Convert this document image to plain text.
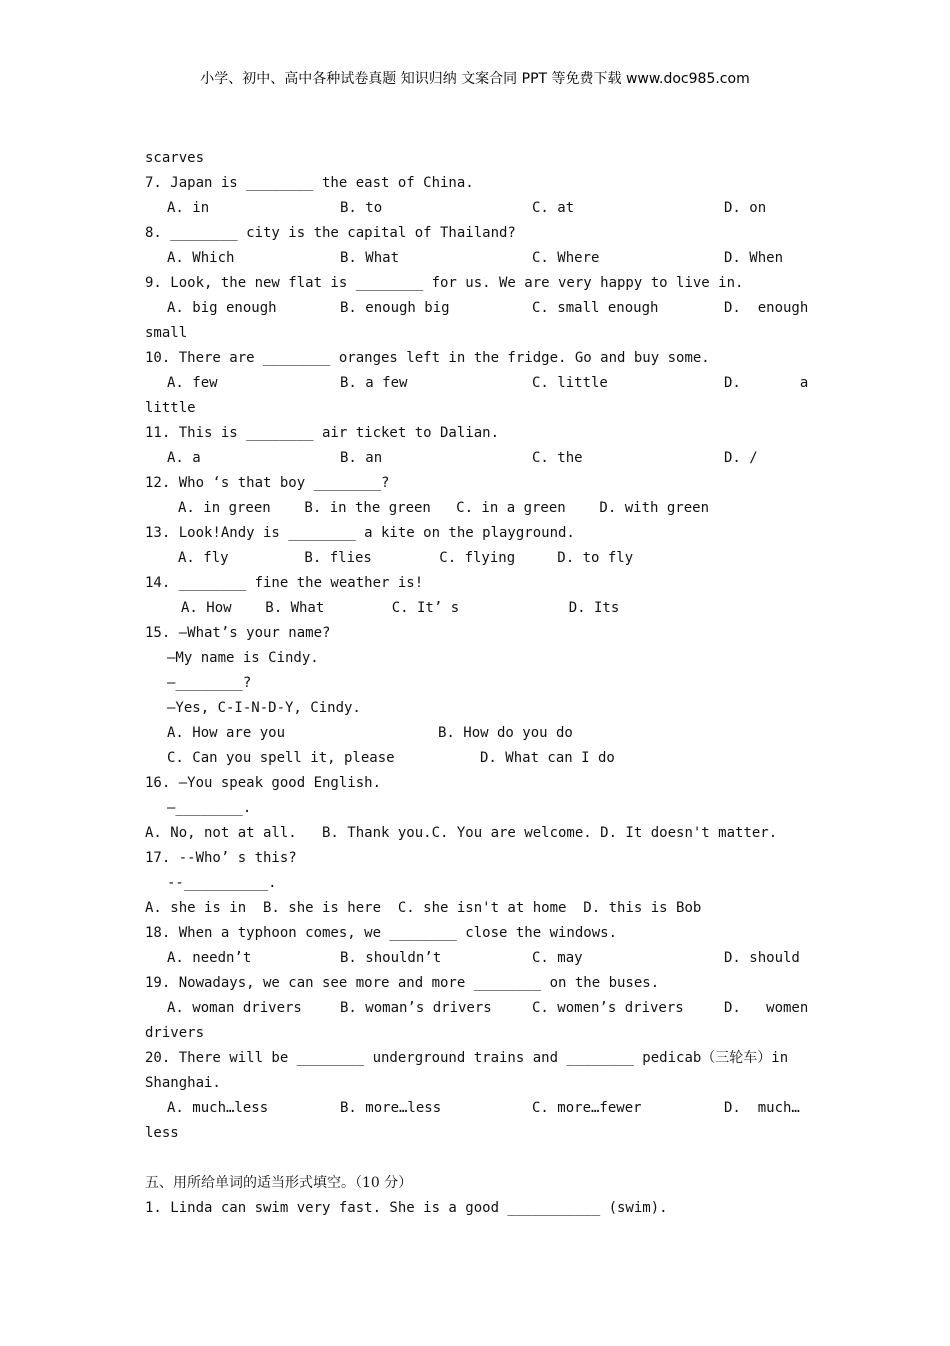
小学、初中、高中各种试卷真题 知识归纳 文案合同 PPT 等免费下载 www.doc985.com
scarves
7. Japan is ________ the east of China.

A. in

	B. to

	C. at

	D. on

8. ________ city is the capital of Thailand?

A. Which

	B. What

	C. Where

	D. When

9. Look, the new flat is ________ for us. We are very happy to live in.

A. big enough

	B. enough big

	C. small enough

	D.  enough

small
10. There are ________ oranges left in the fridge. Go and buy some.

A. few

	B. a few

	C. little

	D.       a

little
11. This is ________ air ticket to Dalian.

A. a

	B. an

	C. the

	D. /

12. Who ‘s that boy ________?
A. in green    B. in the green   C. in a green    D. with green
13. Look!Andy is ________ a kite on the playground.
A. fly         B. flies        C. flying     D. to fly
14. ________ fine the weather is!
A. How    B. What        C. It’ s             D. Its
15. —What’s your name?
—My name is Cindy.
—________?
—Yes, C-I-N-D-Y, Cindy.

A. How are you

	B. How do you do

C. Can you spell it, please

	D. What can I do

16. —You speak good English.
—________.
A. No, not at all.   B. Thank you.C. You are welcome. D. It doesn't matter.
17. --Who’ s this?
--__________.
A. she is in  B. she is here  C. she isn't at home  D. this is Bob
18. When a typhoon comes, we ________ close the windows.

A. needn’t

	B. shouldn’t

	C. may

	D. should

19. Nowadays, we can see more and more ________ on the buses.

A. woman drivers

	B. woman’s drivers

	C. women’s drivers

	D.   women

drivers
20. There will be ________ underground trains and ________ pedicab（三轮车）in
Shanghai.

A. much…less

	B. more…less

	C. more…fewer

	D.  much…

less
五、用所给单词的适当形式填空。（10 分）
1. Linda can swim very fast. She is a good ___________ (swim).
